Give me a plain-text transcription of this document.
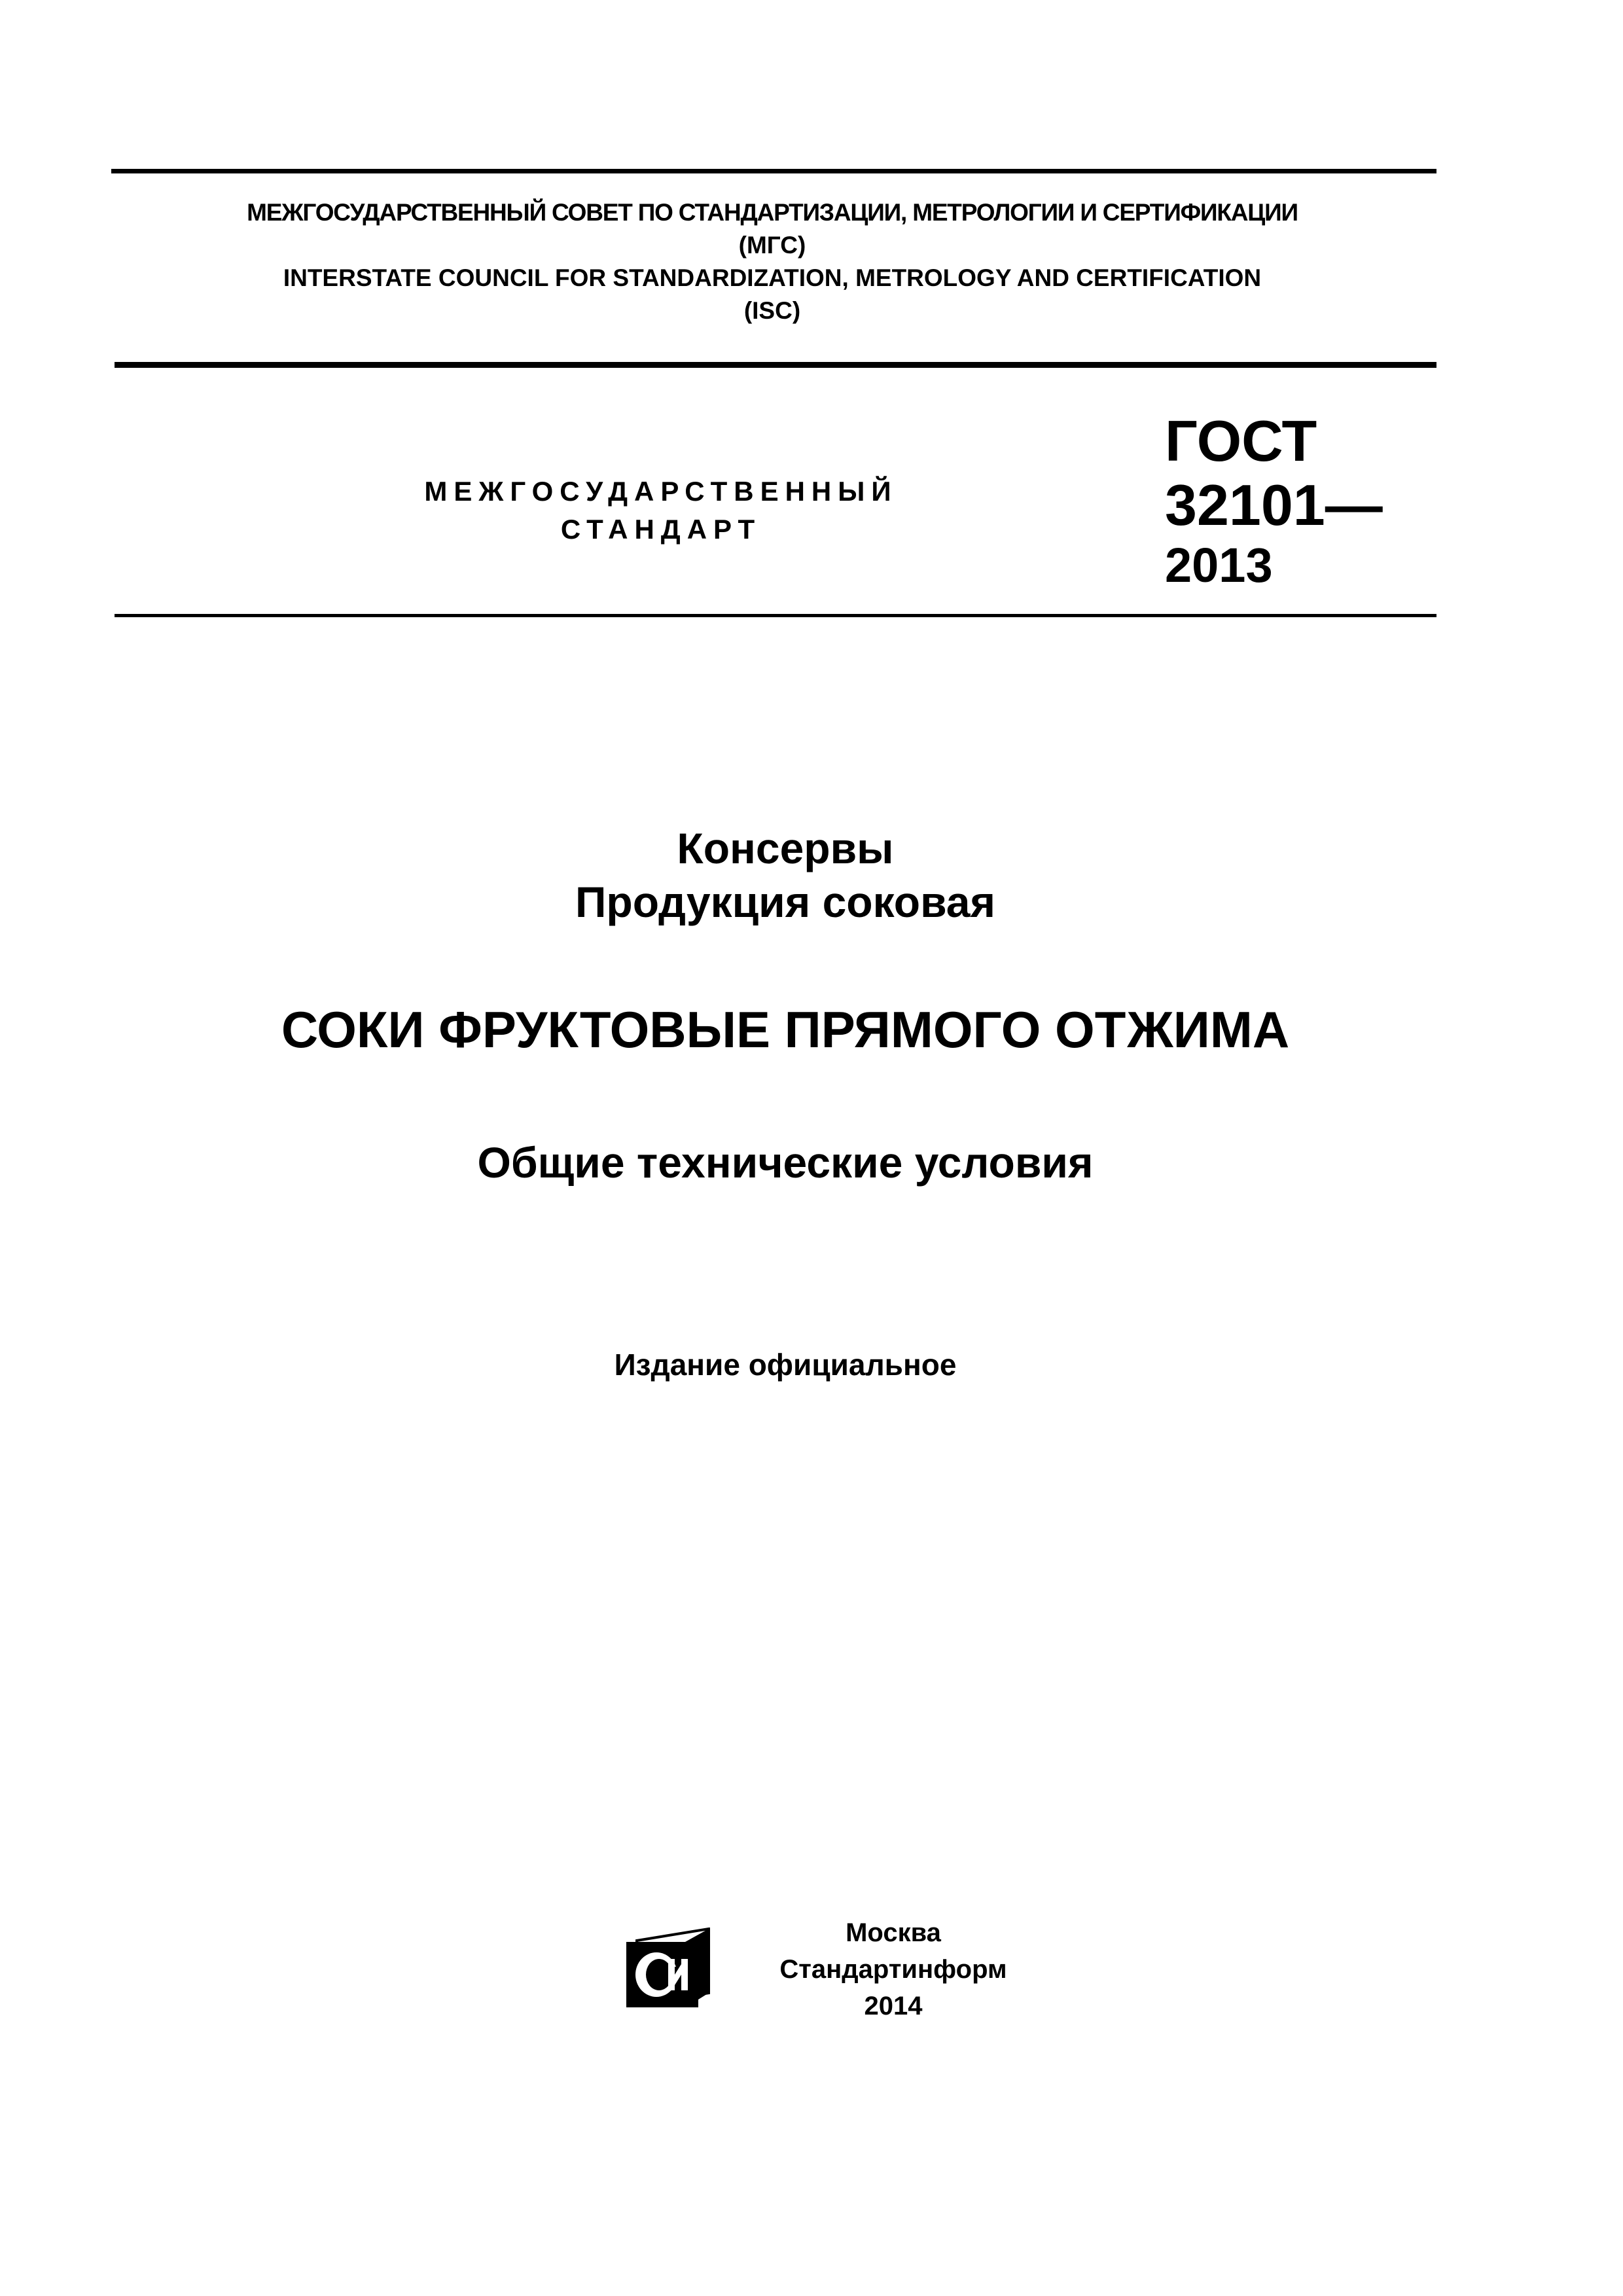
МЕЖГОСУДАРСТВЕННЫЙ СОВЕТ ПО СТАНДАРТИЗАЦИИ, МЕТРОЛОГИИ И СЕРТИФИКАЦИИ
(МГС)
INTERSTATE COUNCIL FOR STANDARDIZATION, METROLOGY AND CERTIFICATION
(ISC)
МЕЖГОСУДАРСТВЕННЫЙ
СТАНДАРТ
ГОСТ
32101—
2013
Консервы
Продукция соковая
СОКИ ФРУКТОВЫЕ ПРЯМОГО ОТЖИМА
Общие технические условия
Издание официальное
Москва
Стандартинформ
2014
